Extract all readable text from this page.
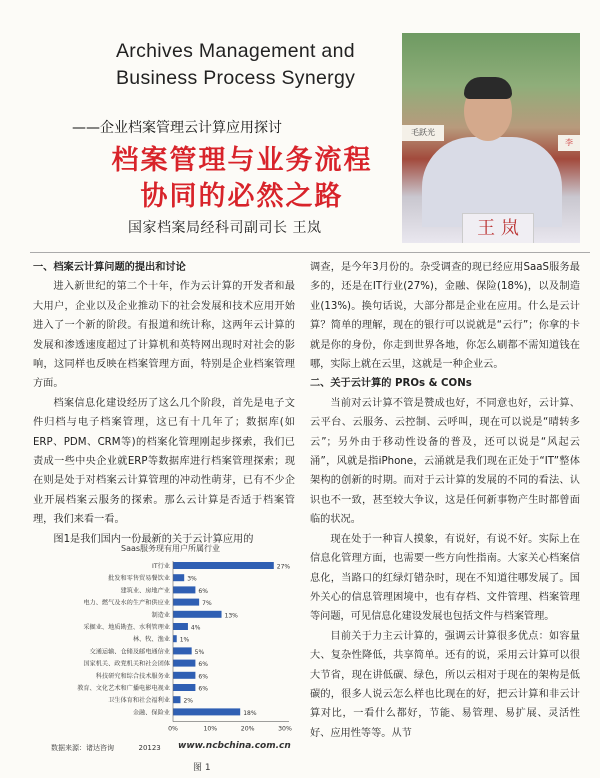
Archives Management and
Business Process Synergy
——企业档案管理云计算应用探讨
档案管理与业务流程
协同的必然之路
国家档案局经科司副司长 王岚
毛跃光
李
王 岚
一、档案云计算问题的提出和讨论

进入新世纪的第二个十年，作为云计算的开发者和最大用户，企业以及企业推动下的社会发展和技术应用开始进入了一个新的阶段。有报道和统计称，这两年云计算的发展和渗透速度超过了计算机和英特网出现时对社会的影响，这同样也反映在档案管理方面，特别是企业档案管理方面。

档案信息化建设经历了这么几个阶段，首先是电子文件归档与电子档案管理，这已有十几年了；数据库(如ERP、PDM、CRM等)的档案化管理刚起步探索，我们已责成一些中央企业就ERP等数据库进行档案管理探索；现在则是处于对档案云计算管理的冲动性萌芽，已有不少企业开展档案云服务的探索。那么云计算是否适于档案管理，我们来看一看。

图1是我们国内一份最新的关于云计算应用的

Saas服务现有用户所属行业
IT行业	27%
批发和零售贸易餐饮业	3%
建筑业、房地产业	6%
电力、燃气及水的生产和供应业	7%
制造业	13%
采掘业、地质勘查、水利管理业	4%
林、牧、渔业 1%
交通运输、仓储及邮电通信业	5%
国家机关、政党机关和社会团体	6%
科技研究和综合技术服务业	6%
教育、文化艺术和广播电影电视业	6%
卫生体育和社会福利业 2%
金融、保险业	18%
0%	10%	20%	30%
数据来源：诸达咨询	20123 www.ncbchina.com.cn
图 1

调查，是今年3月份的。杂受调查的现已经应用SaaS服务最多的，还是在IT行业(27%)，金融、保险(18%)，以及制造业(13%)。换句话说，大部分都是企业在应用。什么是云计算？简单的理解，现在的银行可以说就是“云行”；你拿的卡就是你的身份，你走到世界各地，你怎么刷都不需知道钱在哪，实际上就在云里，这就是一种企业云。

二、关于云计算的 PROs & CONs

当前对云计算不管是赞成也好，不同意也好，云计算、云平台、云服务、云控制、云呼叫，现在可以说是“晴转多云”；另外由于移动性设备的普及，还可以说是“风起云涌”，风就是指iPhone，云涌就是我们现在正处于“IT”整体架构的创新的时期。而对于云计算的发展的不同的看法、认识也不一致，甚至较大争议，这是任何新事物产生时都曾面临的状况。

现在处于一种盲人摸象，有说好，有说不好。实际上在信息化管理方面，也需要一些方向性指南。大家关心档案信息化，当路口的红绿灯错杂时，现在不知道往哪发展了。国外关心的信息管理困境中，也有存档、文件管理、档案管理等问题，可见信息化建设发展也包括文件与档案管理。

目前关于力主云计算的，强调云计算很多优点：如容量大、复杂性降低，共享简单。还有的说，采用云计算可以很大节省，现在讲低碳、绿色，所以云相对于现在的架构是低碳的，很多人说云怎么样也比现在的好，把云计算和非云计算对比，一看什么都好，节能、易管理、易扩展、灵活性好、应用性等等。从节
